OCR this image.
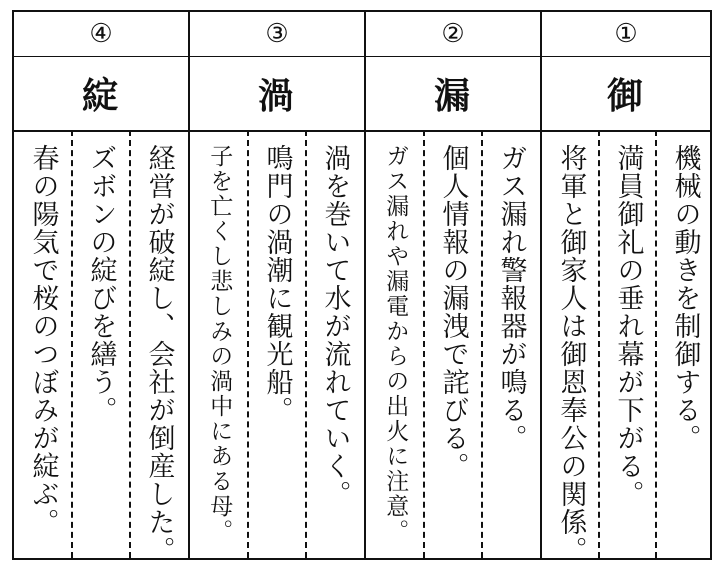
④
綻
春の陽気で桜のつぼみが綻ぶ。 ズボンの綻びを繕う。 経営が破綻し、会社が倒産した。
③
渦
子を亡くし悲しみの渦中にある母。 鳴門の渦潮に観光船。 渦を巻いて水が流れていく。
②
漏
ガス漏れや漏電からの出火に注意。 個人情報の漏洩で詫びる。 ガス漏れ警報器が鳴る。
①
御
将軍と御家人は御恩奉公の関係。 満員御礼の垂れ幕が下がる。 機械の動きを制御する。
